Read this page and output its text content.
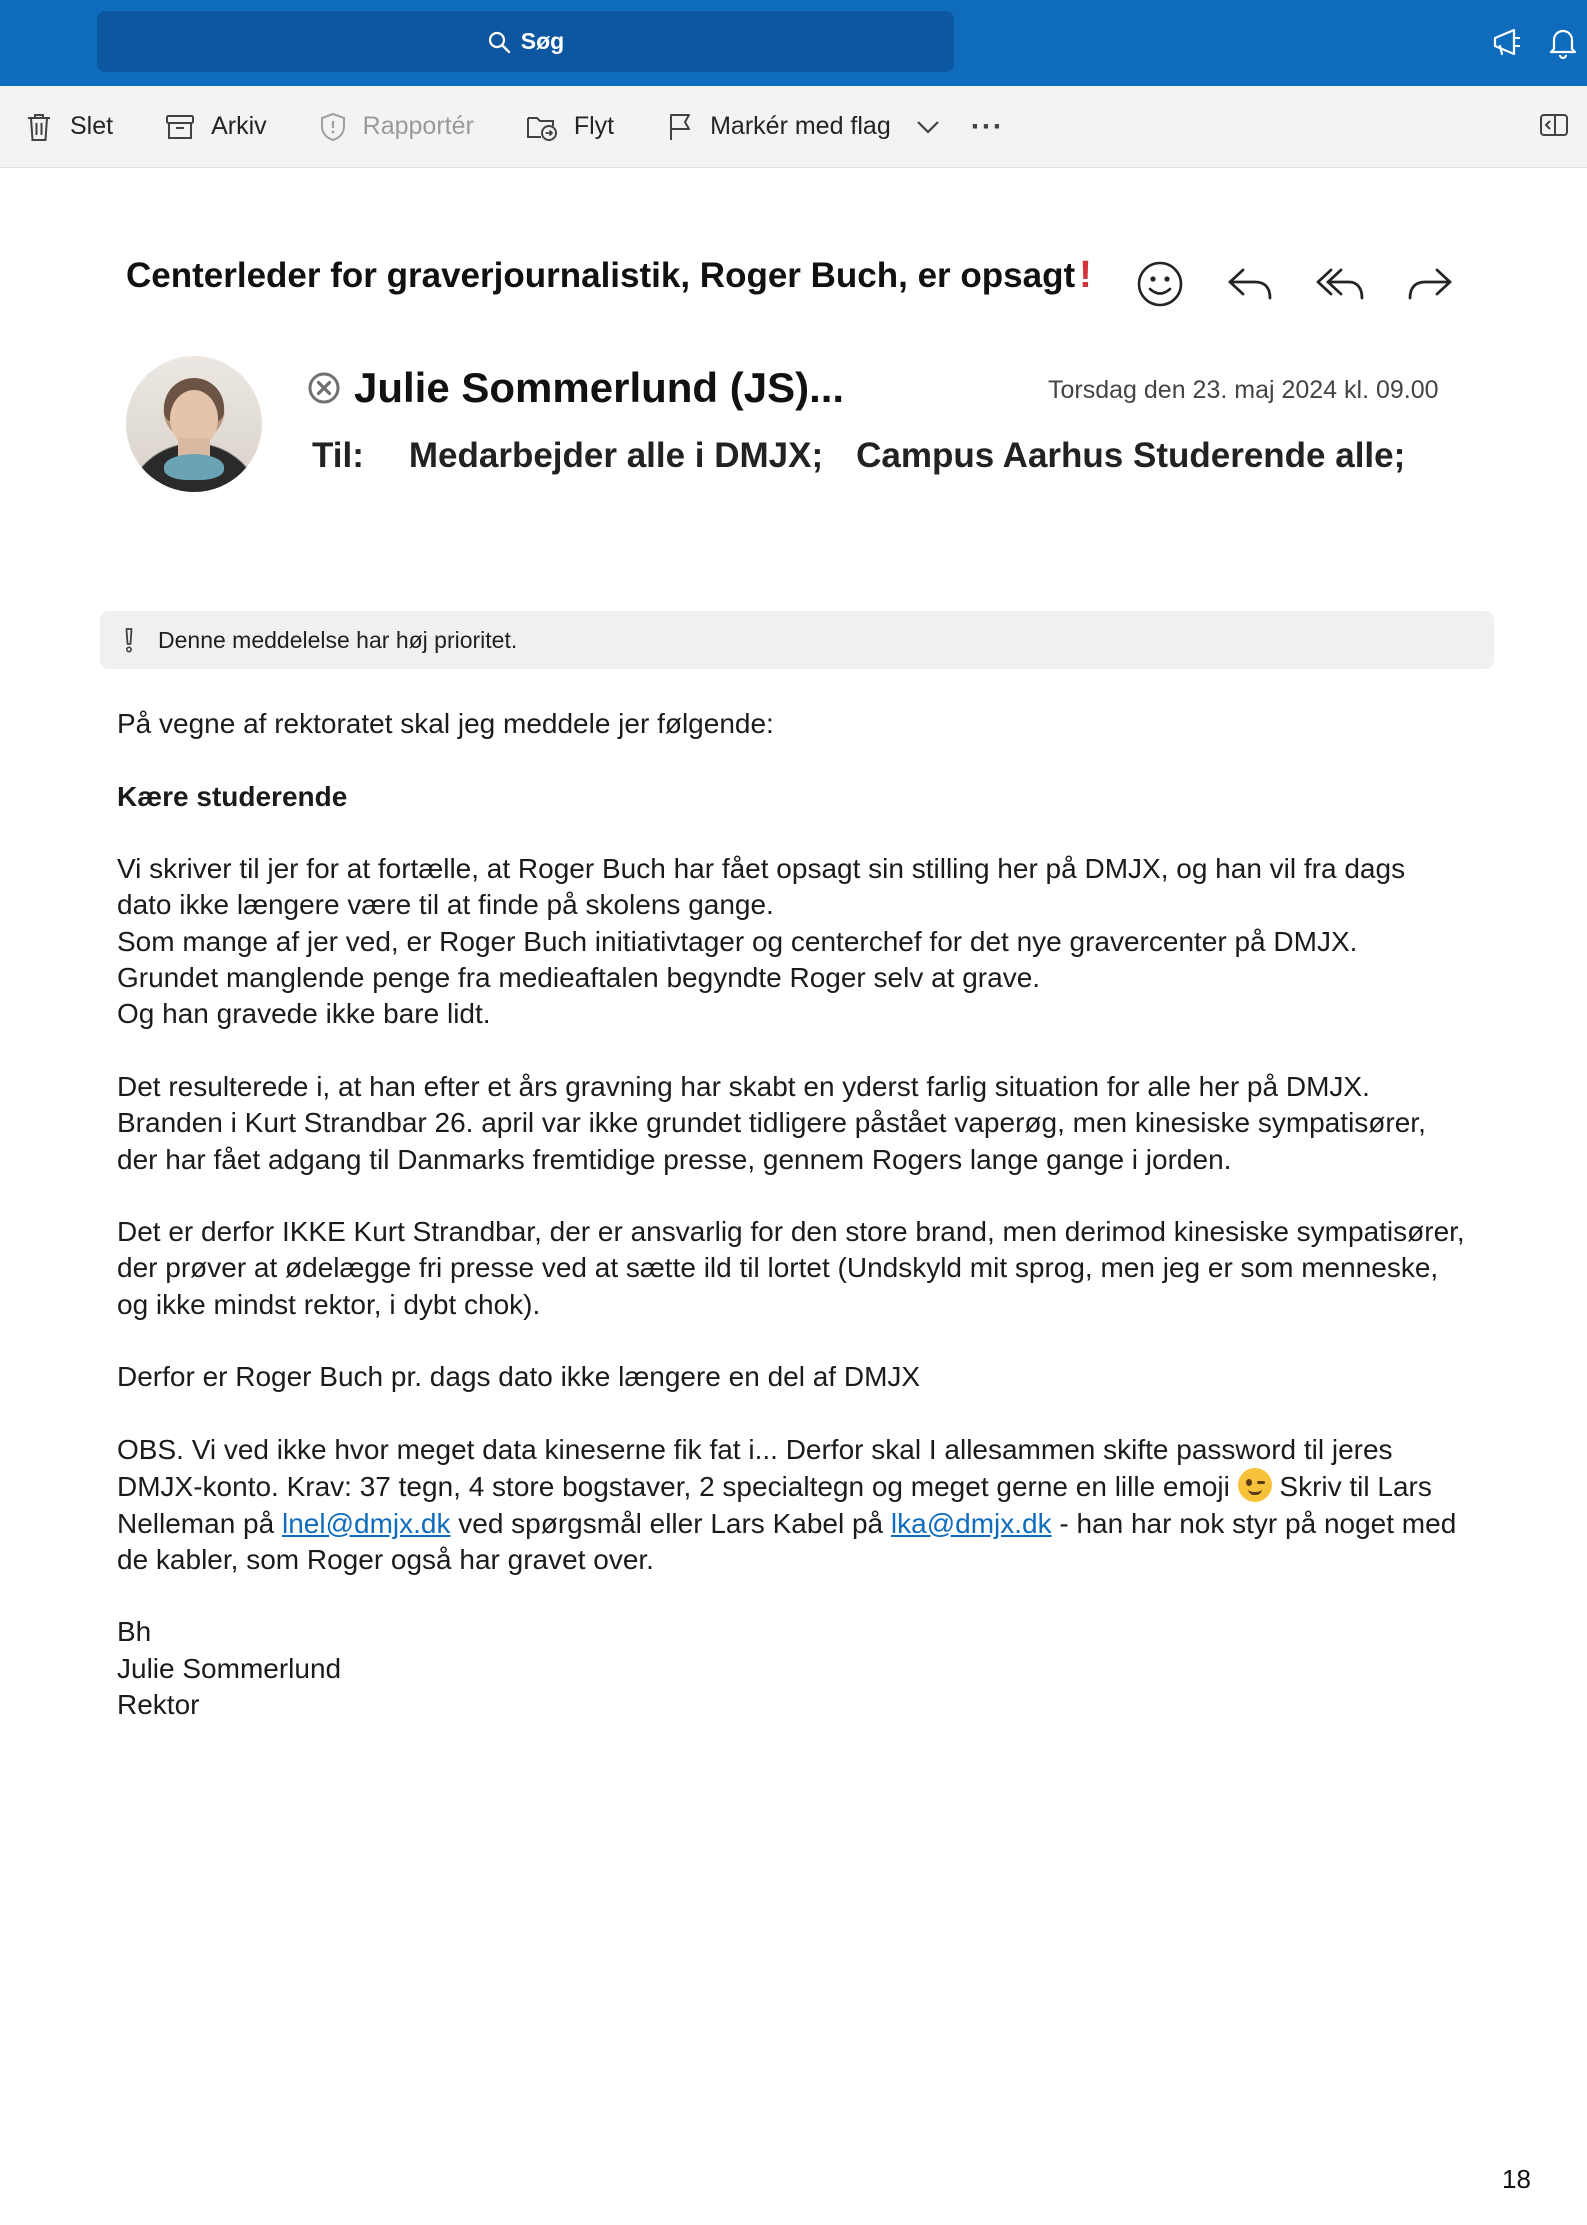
Søg
Slet	Arkiv	Rapportér	Flyt	Markér med flag	···
Centerleder for graverjournalistik, Roger Buch, er opsagt !
Julie Sommerlund (JS)...	Torsdag den 23. maj 2024 kl. 09.00
Til: Medarbejder alle i DMJX; Campus Aarhus Studerende alle;
Denne meddelelse har høj prioritet.

På vegne af rektoratet skal jeg meddele jer følgende:

Kære studerende

Vi skriver til jer for at fortælle, at Roger Buch har fået opsagt sin stilling her på DMJX, og han vil fra dags dato ikke længere være til at finde på skolens gange.
Som mange af jer ved, er Roger Buch initiativtager og centerchef for det nye gravercenter på DMJX.
Grundet manglende penge fra medieaftalen begyndte Roger selv at grave.
Og han gravede ikke bare lidt.

Det resulterede i, at han efter et års gravning har skabt en yderst farlig situation for alle her på DMJX.
Branden i Kurt Strandbar 26. april var ikke grundet tidligere påstået vaperøg, men kinesiske sympatisører, der har fået adgang til Danmarks fremtidige presse, gennem Rogers lange gange i jorden.

Det er derfor IKKE Kurt Strandbar, der er ansvarlig for den store brand, men derimod kinesiske sympatisører, der prøver at ødelægge fri presse ved at sætte ild til lortet (Undskyld mit sprog, men jeg er som menneske, og ikke mindst rektor, i dybt chok).

Derfor er Roger Buch pr. dags dato ikke længere en del af DMJX

OBS. Vi ved ikke hvor meget data kineserne fik fat i... Derfor skal I allesammen skifte password til jeres DMJX-konto. Krav: 37 tegn, 4 store bogstaver, 2 specialtegn og meget gerne en lille emoji
Skriv til Lars Nelleman på lnel@dmjx.dk ved spørgsmål eller Lars Kabel på lka@dmjx.dk - han har nok styr på noget med de kabler, som Roger også har gravet over.

Bh
Julie Sommerlund
Rektor

18
